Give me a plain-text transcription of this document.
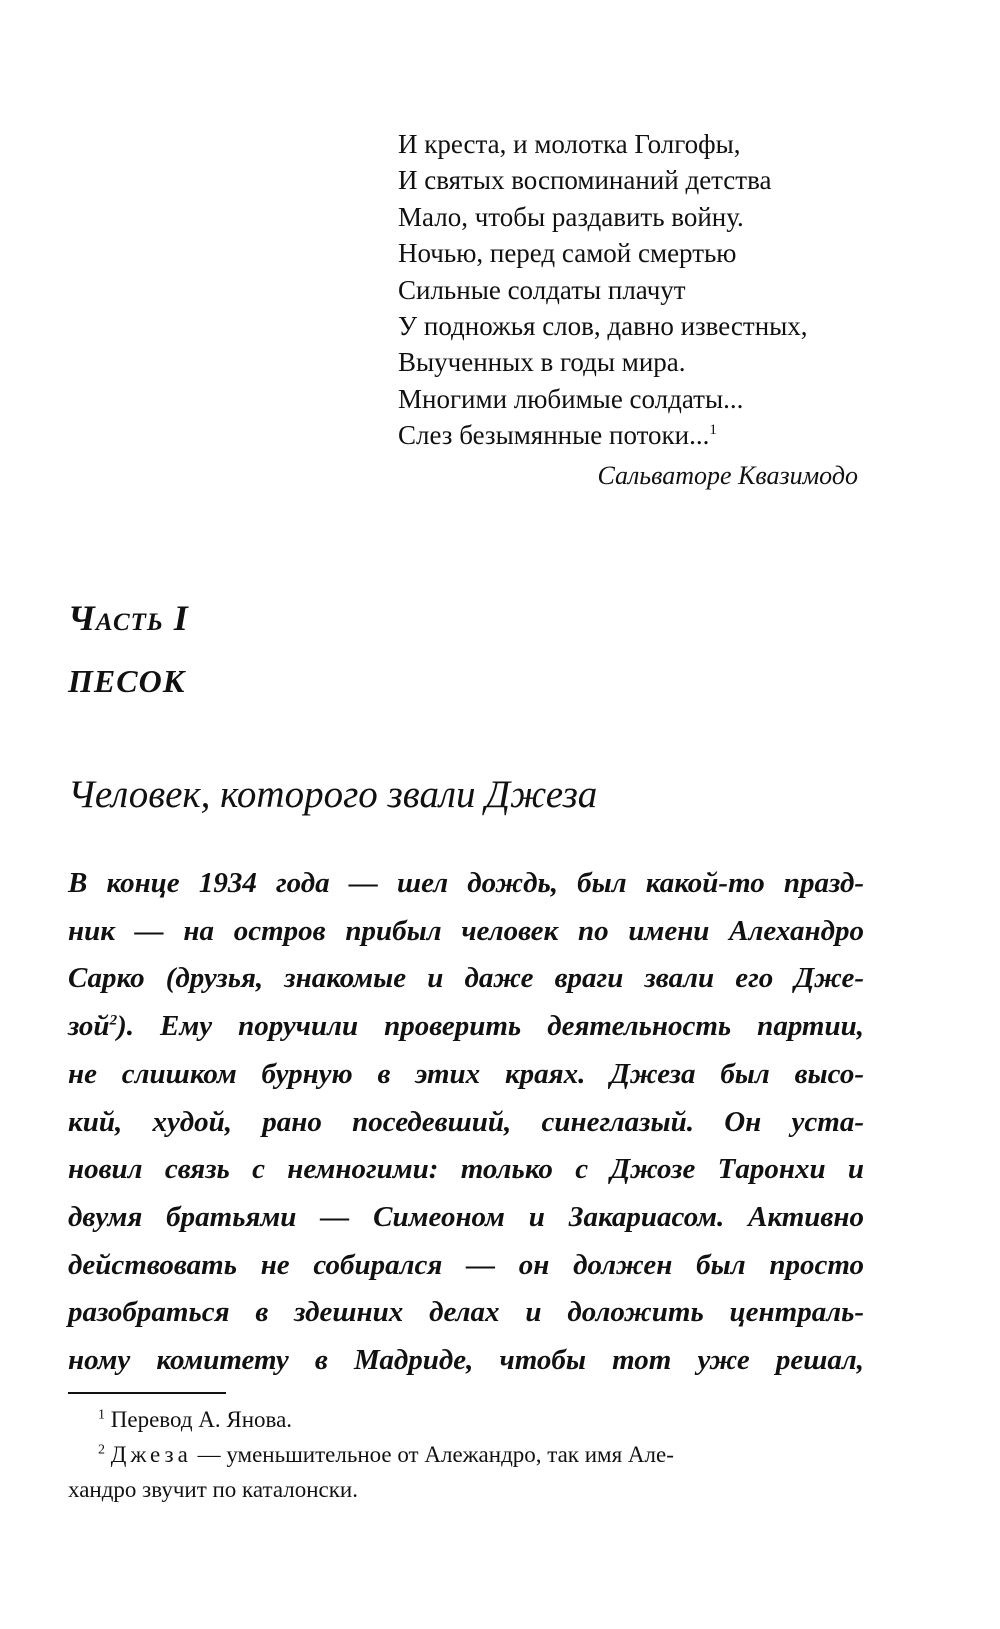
И креста, и молотка Голгофы,
И святых воспоминаний детства
Мало, чтобы раздавить войну.
Ночью, перед самой смертью
Сильные солдаты плачут
У подножья слов, давно известных,
Выученных в годы мира.
Многими любимые солдаты...
Слез безымянные потоки...$^1$
Сальваторе Квазимодо
Часть I
ПЕСОК
Человек, которого звали Джеза
В конце 1934 года — шел дождь, был какой-то празд-
ник — на остров прибыл человек по имени Алехандро
Сарко (друзья, знакомые и даже враги звали его Дже-
зой$^2$). Ему поручили проверить деятельность партии,
не слишком бурную в этих краях. Джеза был высо-
кий, худой, рано поседевший, синеглазый. Он уста-
новил связь с немногими: только с Джозе Тaронхи и
двумя братьями — Симеоном и Закариасом. Активно
действовать не собирался — он должен был просто
разобраться в здешних делах и доложить централь-
ному комитету в Мадриде, чтобы тот уже решал,
$^1$ Перевод А. Янова.
$^2$ Джеза — уменьшительное от Алежандро, так имя Але-
хандро звучит по каталонски.
